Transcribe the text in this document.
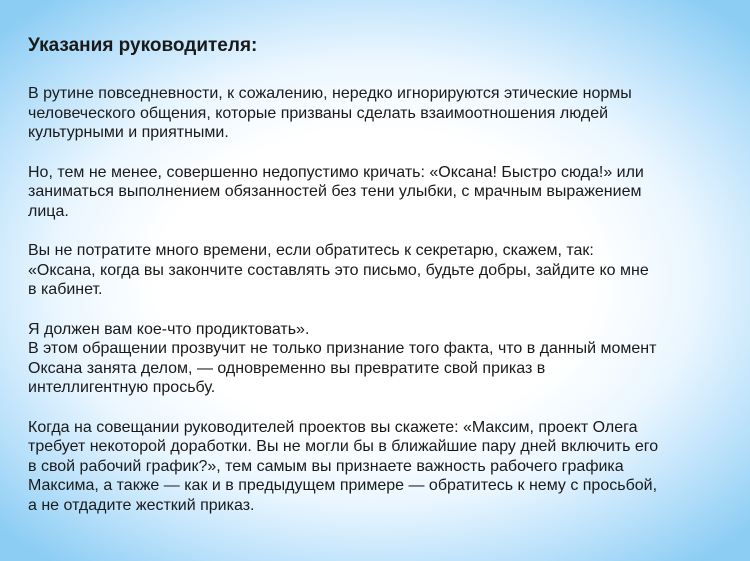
Указания руководителя:

В рутине повседневности, к сожалению, нередко игнорируются этические нормы
человеческого общения, которые призваны сделать взаимоотношения людей
культурными и приятными.

Но, тем не менее, совершенно недопустимо кричать: «Оксана! Быстро сюда!» или
заниматься выполнением обязанностей без тени улыбки, с мрачным выражением
лица.

Вы не потратите много времени, если обратитесь к секретарю, скажем, так:
«Оксана, когда вы закончите составлять это письмо, будьте добры, зайдите ко мне
в кабинет.

Я должен вам кое-что продиктовать».
В этом обращении прозвучит не только признание того факта, что в данный момент
Оксана занята делом, — одновременно вы превратите свой приказ в
интеллигентную просьбу.

Когда на совещании руководителей проектов вы скажете: «Максим, проект Олега
требует некоторой доработки. Вы не могли бы в ближайшие пару дней включить его
в свой рабочий график?», тем самым вы признаете важность рабочего графика
Максима, а также — как и в предыдущем примере — обратитесь к нему с просьбой,
а не отдадите жесткий приказ.
